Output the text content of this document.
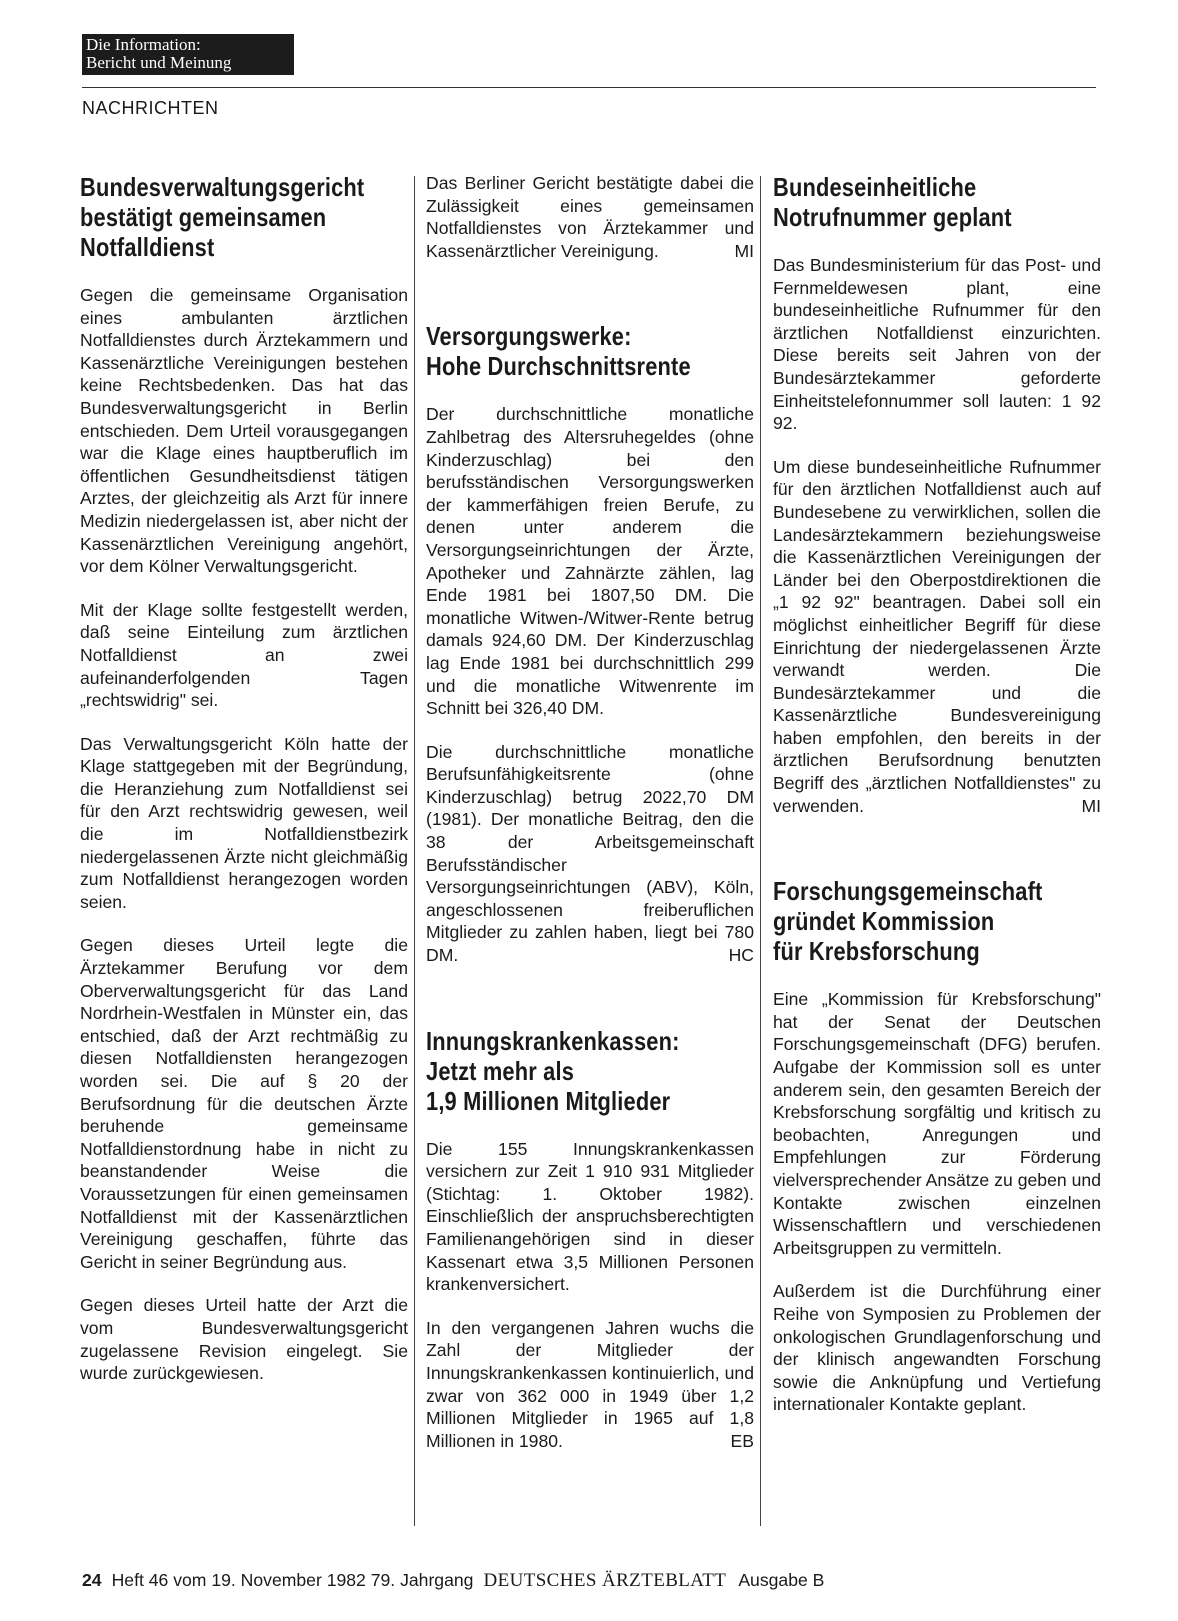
Die Information:
Bericht und Meinung
NACHRICHTEN
Bundesverwaltungsgericht
bestätigt gemeinsamen
Notfalldienst

Gegen die gemeinsame Organisation eines ambulanten ärztlichen Notfalldienstes durch Ärztekammern und Kassenärztliche Vereinigungen bestehen keine Rechtsbedenken. Das hat das Bundesverwaltungsgericht in Berlin entschieden. Dem Urteil vorausgegangen war die Klage eines hauptberuflich im öffentlichen Gesundheitsdienst tätigen Arztes, der gleichzeitig als Arzt für innere Medizin niedergelassen ist, aber nicht der Kassenärztlichen Vereinigung angehört, vor dem Kölner Verwaltungsgericht.

Mit der Klage sollte festgestellt werden, daß seine Einteilung zum ärztlichen Notfalldienst an zwei aufeinanderfolgenden Tagen „rechtswidrig" sei.

Das Verwaltungsgericht Köln hatte der Klage stattgegeben mit der Begründung, die Heranziehung zum Notfalldienst sei für den Arzt rechtswidrig gewesen, weil die im Notfalldienstbezirk niedergelassenen Ärzte nicht gleichmäßig zum Notfalldienst herangezogen worden seien.

Gegen dieses Urteil legte die Ärztekammer Berufung vor dem Oberverwaltungsgericht für das Land Nordrhein-Westfalen in Münster ein, das entschied, daß der Arzt rechtmäßig zu diesen Notfalldiensten herangezogen worden sei. Die auf § 20 der Berufsordnung für die deutschen Ärzte beruhende gemeinsame Notfalldienstordnung habe in nicht zu beanstandender Weise die Voraussetzungen für einen gemeinsamen Notfalldienst mit der Kassenärztlichen Vereinigung geschaffen, führte das Gericht in seiner Begründung aus.

Gegen dieses Urteil hatte der Arzt die vom Bundesverwaltungsgericht zugelassene Revision eingelegt. Sie wurde zurückgewiesen.

Das Berliner Gericht bestätigte dabei die Zulässigkeit eines gemeinsamen Notfalldienstes von Ärztekammer und Kassenärztlicher Vereinigung.	MI

Versorgungswerke:
Hohe Durchschnittsrente

Der durchschnittliche monatliche Zahlbetrag des Altersruhegeldes (ohne Kinderzuschlag) bei den berufsständischen Versorgungswerken der kammerfähigen freien Berufe, zu denen unter anderem die Versorgungseinrichtungen der Ärzte, Apotheker und Zahnärzte zählen, lag Ende 1981 bei 1807,50 DM. Die monatliche Witwen-/Witwer-Rente betrug damals 924,60 DM. Der Kinderzuschlag lag Ende 1981 bei durchschnittlich 299 und die monatliche Witwenrente im Schnitt bei 326,40 DM.

Die durchschnittliche monatliche Berufsunfähigkeitsrente (ohne Kinderzuschlag) betrug 2022,70 DM (1981). Der monatliche Beitrag, den die 38 der Arbeitsgemeinschaft Berufsständischer Versorgungseinrichtungen (ABV), Köln, angeschlossenen freiberuflichen Mitglieder zu zahlen haben, liegt bei 780 DM.	HC

Innungskrankenkassen:
Jetzt mehr als
1,9 Millionen Mitglieder

Die 155 Innungskrankenkassen versichern zur Zeit 1 910 931 Mitglieder (Stichtag: 1. Oktober 1982). Einschließlich der anspruchsberechtigten Familienangehörigen sind in dieser Kassenart etwa 3,5 Millionen Personen krankenversichert.

In den vergangenen Jahren wuchs die Zahl der Mitglieder der Innungskrankenkassen kontinuierlich, und zwar von 362 000 in 1949 über 1,2 Millionen Mitglieder in 1965 auf 1,8 Millionen in 1980.	EB

Bundeseinheitliche
Notrufnummer geplant

Das Bundesministerium für das Post- und Fernmeldewesen plant, eine bundeseinheitliche Rufnummer für den ärztlichen Notfalldienst einzurichten. Diese bereits seit Jahren von der Bundesärztekammer geforderte Einheitstelefonnummer soll lauten: 1 92 92.

Um diese bundeseinheitliche Rufnummer für den ärztlichen Notfalldienst auch auf Bundesebene zu verwirklichen, sollen die Landesärztekammern beziehungsweise die Kassenärztlichen Vereinigungen der Länder bei den Oberpostdirektionen die „1 92 92" beantragen. Dabei soll ein möglichst einheitlicher Begriff für diese Einrichtung der niedergelassenen Ärzte verwandt werden. Die Bundesärztekammer und die Kassenärztliche Bundesvereinigung haben empfohlen, den bereits in der ärztlichen Berufsordnung benutzten Begriff des „ärztlichen Notfalldienstes" zu verwenden.	MI

Forschungsgemeinschaft
gründet Kommission
für Krebsforschung

Eine „Kommission für Krebsforschung" hat der Senat der Deutschen Forschungsgemeinschaft (DFG) berufen. Aufgabe der Kommission soll es unter anderem sein, den gesamten Bereich der Krebsforschung sorgfältig und kritisch zu beobachten, Anregungen und Empfehlungen zur Förderung vielversprechender Ansätze zu geben und Kontakte zwischen einzelnen Wissenschaftlern und verschiedenen Arbeitsgruppen zu vermitteln.

Außerdem ist die Durchführung einer Reihe von Symposien zu Problemen der onkologischen Grundlagenforschung und der klinisch angewandten Forschung sowie die Anknüpfung und Vertiefung internationaler Kontakte geplant.

24 Heft 46 vom 19. November 1982 79. Jahrgang DEUTSCHES ÄRZTEBLATT Ausgabe B
